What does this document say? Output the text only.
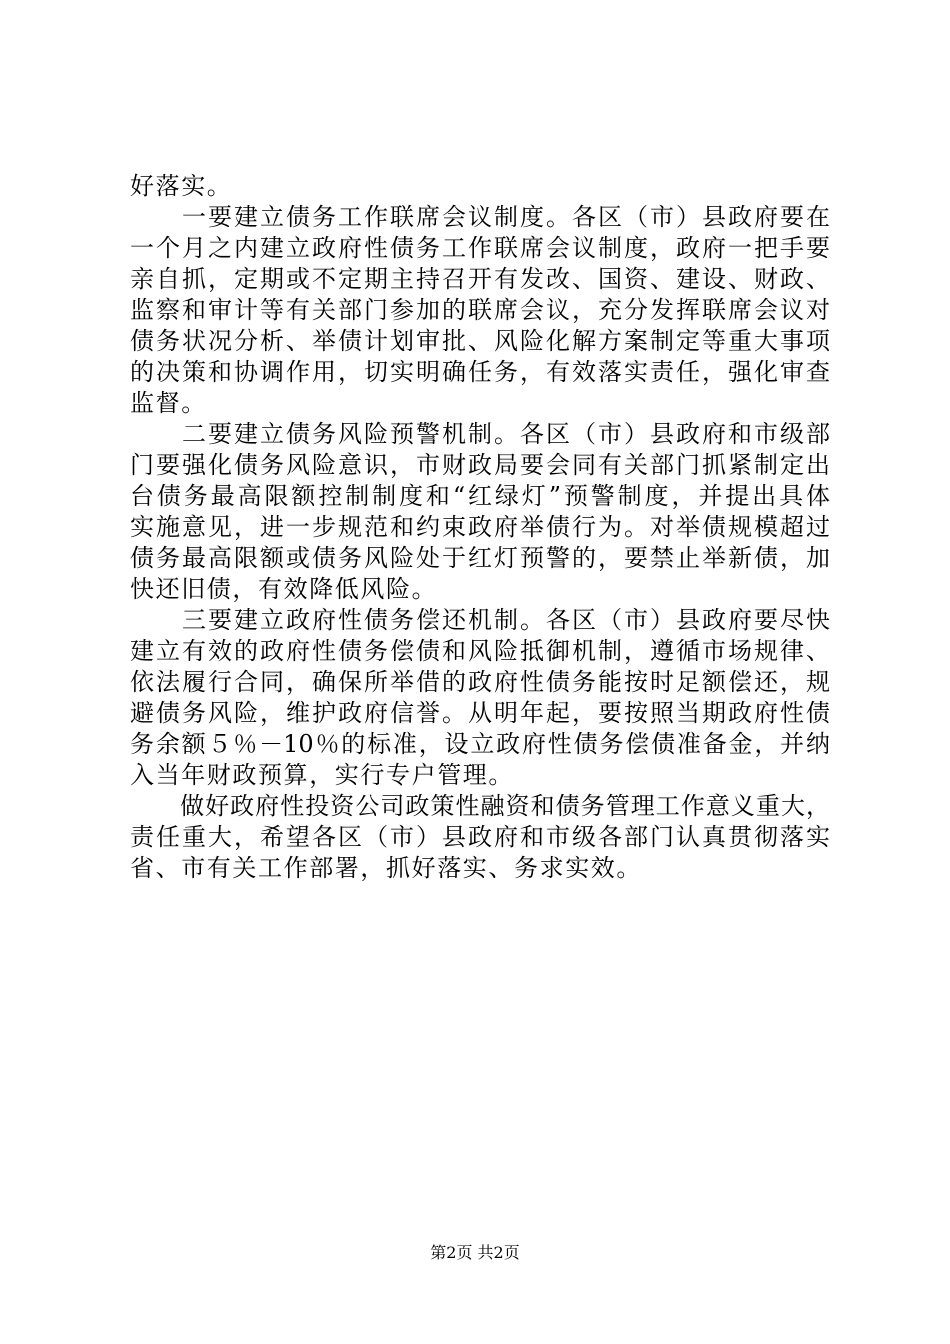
好落实。
　　一要建立债务工作联席会议制度。各区（市）县政府要在
一个月之内建立政府性债务工作联席会议制度，政府一把手要
亲自抓，定期或不定期主持召开有发改、国资、建设、财政、
监察和审计等有关部门参加的联席会议，充分发挥联席会议对
债务状况分析、举债计划审批、风险化解方案制定等重大事项
的决策和协调作用，切实明确任务，有效落实责任，强化审查
监督。
　　二要建立债务风险预警机制。各区（市）县政府和市级部
门要强化债务风险意识，市财政局要会同有关部门抓紧制定出
台债务最高限额控制制度和“红绿灯”预警制度，并提出具体
实施意见，进一步规范和约束政府举债行为。对举债规模超过
债务最高限额或债务风险处于红灯预警的，要禁止举新债，加
快还旧债，有效降低风险。
　　三要建立政府性债务偿还机制。各区（市）县政府要尽快
建立有效的政府性债务偿债和风险抵御机制，遵循市场规律、
依法履行合同，确保所举借的政府性债务能按时足额偿还，规
避债务风险，维护政府信誉。从明年起，要按照当期政府性债
务余额５％－10％的标准，设立政府性债务偿债准备金，并纳
入当年财政预算，实行专户管理。
　　做好政府性投资公司政策性融资和债务管理工作意义重大，
责任重大，希望各区（市）县政府和市级各部门认真贯彻落实
省、市有关工作部署，抓好落实、务求实效。
第2页 共2页
